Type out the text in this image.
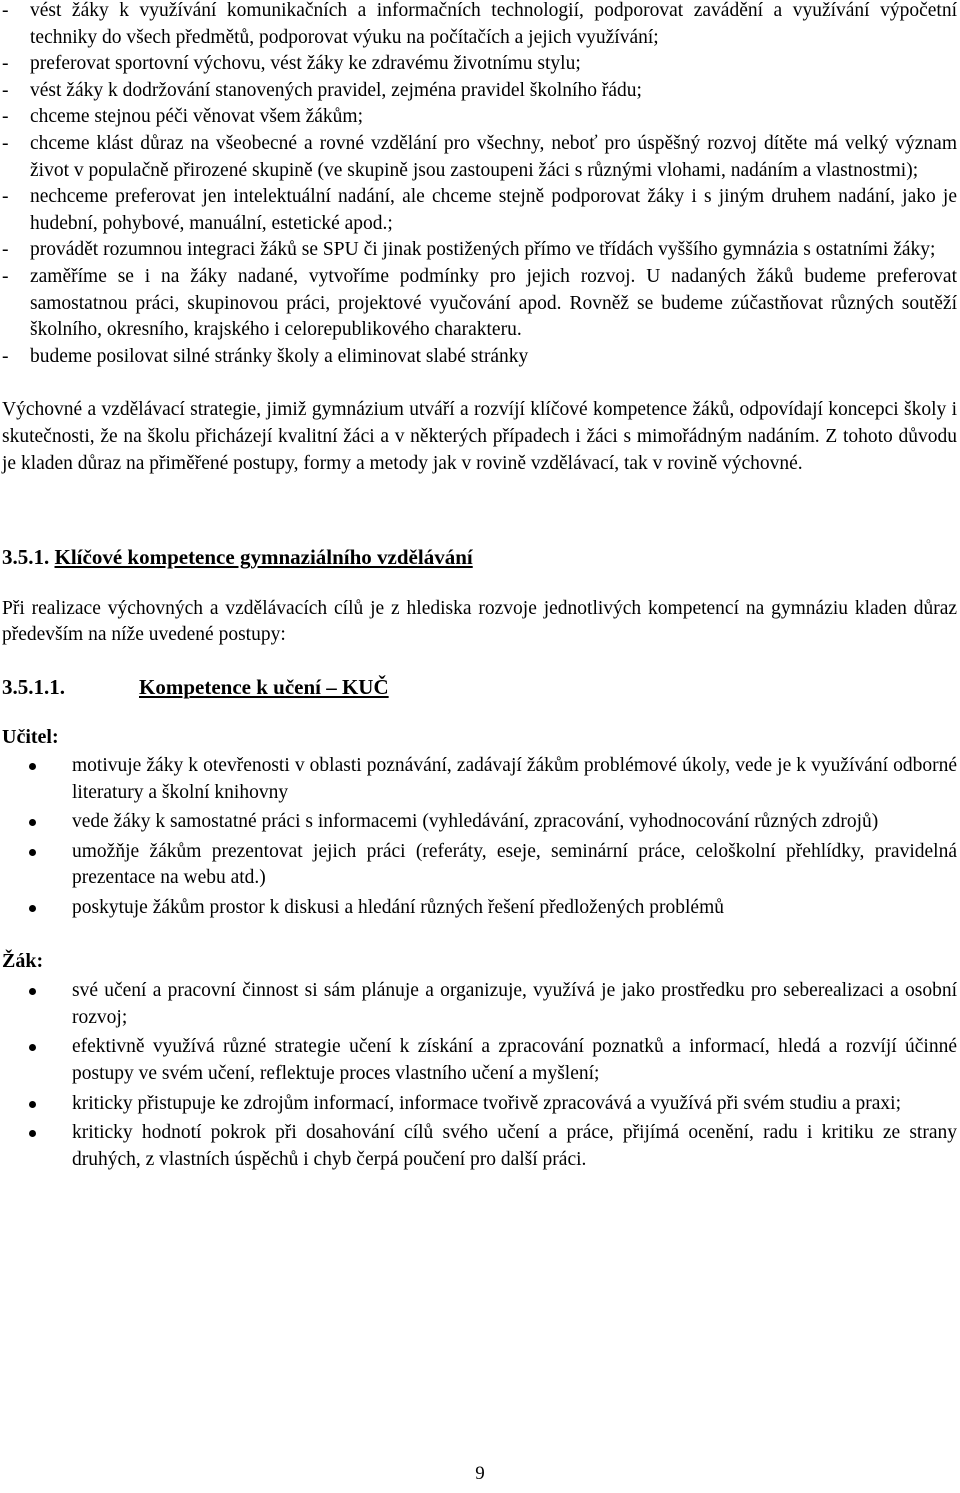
- vést žáky k využívání komunikačních a informačních technologií, podporovat zavádění a využívání výpočetní techniky do všech předmětů, podporovat výuku na počítačích a jejich využívání;
- preferovat sportovní výchovu, vést žáky ke zdravému životnímu stylu;
- vést žáky k dodržování stanovených pravidel, zejména pravidel školního řádu;
- chceme stejnou péči věnovat všem žákům;
- chceme klást důraz na všeobecné a rovné vzdělání pro všechny, neboť pro úspěšný rozvoj dítěte má velký význam život v populačně přirozené skupině (ve skupině jsou zastoupeni žáci s různými vlohami, nadáním a vlastnostmi);
- nechceme preferovat jen intelektuální nadání, ale chceme stejně podporovat žáky i s jiným druhem nadání, jako je hudební, pohybové, manuální, estetické apod.;
- provádět rozumnou integraci žáků se SPU či jinak postižených přímo ve třídách vyššího gymnázia s ostatními žáky;
- zaměříme se i na žáky nadané, vytvoříme podmínky pro jejich rozvoj. U nadaných žáků budeme preferovat samostatnou práci, skupinovou práci, projektové vyučování apod. Rovněž se budeme zúčastňovat různých soutěží školního, okresního, krajského i celorepublikového charakteru.
- budeme posilovat silné stránky školy a eliminovat slabé stránky

Výchovné a vzdělávací strategie, jimiž gymnázium utváří a rozvíjí klíčové kompetence žáků, odpovídají koncepci školy i skutečnosti, že na školu přicházejí kvalitní žáci a v některých případech i žáci s mimořádným nadáním. Z tohoto důvodu je kladen důraz na přiměřené postupy, formy a metody jak v rovině vzdělávací, tak v rovině výchovné.

3.5.1. Klíčové kompetence gymnaziálního vzdělávání

Při realizace výchovných a vzdělávacích cílů je z hlediska rozvoje jednotlivých kompetencí na gymnáziu kladen důraz především na níže uvedené postupy:

3.5.1.1.	Kompetence k učení – KUČ

Učitel:

motivuje žáky k otevřenosti v oblasti poznávání, zadávají žákům problémové úkoly, vede je k využívání odborné literatury a školní knihovny
vede žáky k samostatné práci s informacemi (vyhledávání, zpracování, vyhodnocování různých zdrojů)
umožňje žákům prezentovat jejich práci (referáty, eseje, seminární práce, celoškolní přehlídky, pravidelná prezentace na webu atd.)
poskytuje žákům prostor k diskusi a hledání různých řešení předložených problémů

Žák:

své učení a pracovní činnost si sám plánuje a organizuje, využívá je jako prostředku pro seberealizaci a osobní rozvoj;
efektivně využívá různé strategie učení k získání a zpracování poznatků a informací, hledá a rozvíjí účinné postupy ve svém učení, reflektuje proces vlastního učení a myšlení;
kriticky přistupuje ke zdrojům informací, informace tvořivě zpracovává a využívá při svém studiu a praxi;
kriticky hodnotí pokrok při dosahování cílů svého učení a práce, přijímá ocenění, radu i kritiku ze strany druhých, z vlastních úspěchů i chyb čerpá poučení pro další práci.
9
